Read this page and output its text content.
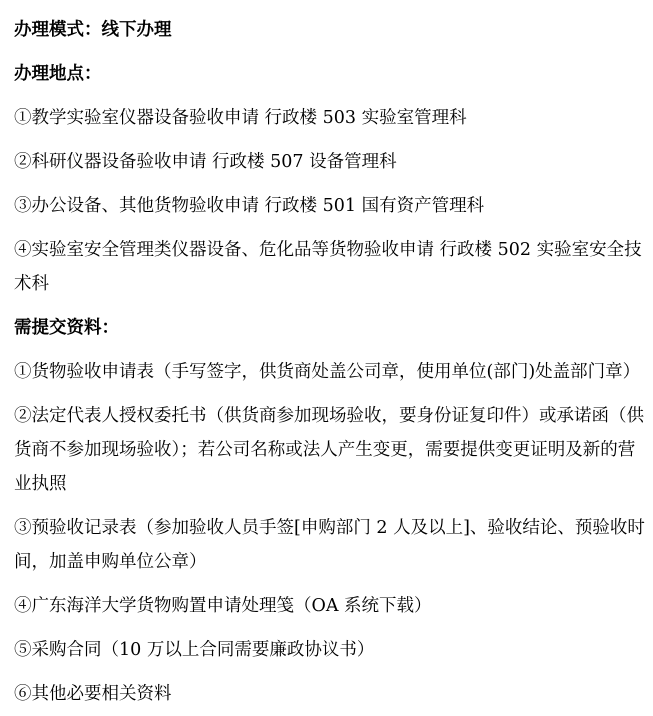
办理模式：线下办理

办理地点：

①教学实验室仪器设备验收申请 行政楼 503 实验室管理科

②科研仪器设备验收申请 行政楼 507 设备管理科

③办公设备、其他货物验收申请 行政楼 501 国有资产管理科

④实验室安全管理类仪器设备、危化品等货物验收申请 行政楼 502 实验室安全技术科

需提交资料：

①货物验收申请表（手写签字，供货商处盖公司章，使用单位(部门)处盖部门章）

②法定代表人授权委托书（供货商参加现场验收，要身份证复印件）或承诺函（供货商不参加现场验收）；若公司名称或法人产生变更，需要提供变更证明及新的营业执照

③预验收记录表（参加验收人员手签[申购部门 2 人及以上]、验收结论、预验收时间，加盖申购单位公章）

④广东海洋大学货物购置申请处理笺（OA 系统下载）

⑤采购合同（10 万以上合同需要廉政协议书）

⑥其他必要相关资料
